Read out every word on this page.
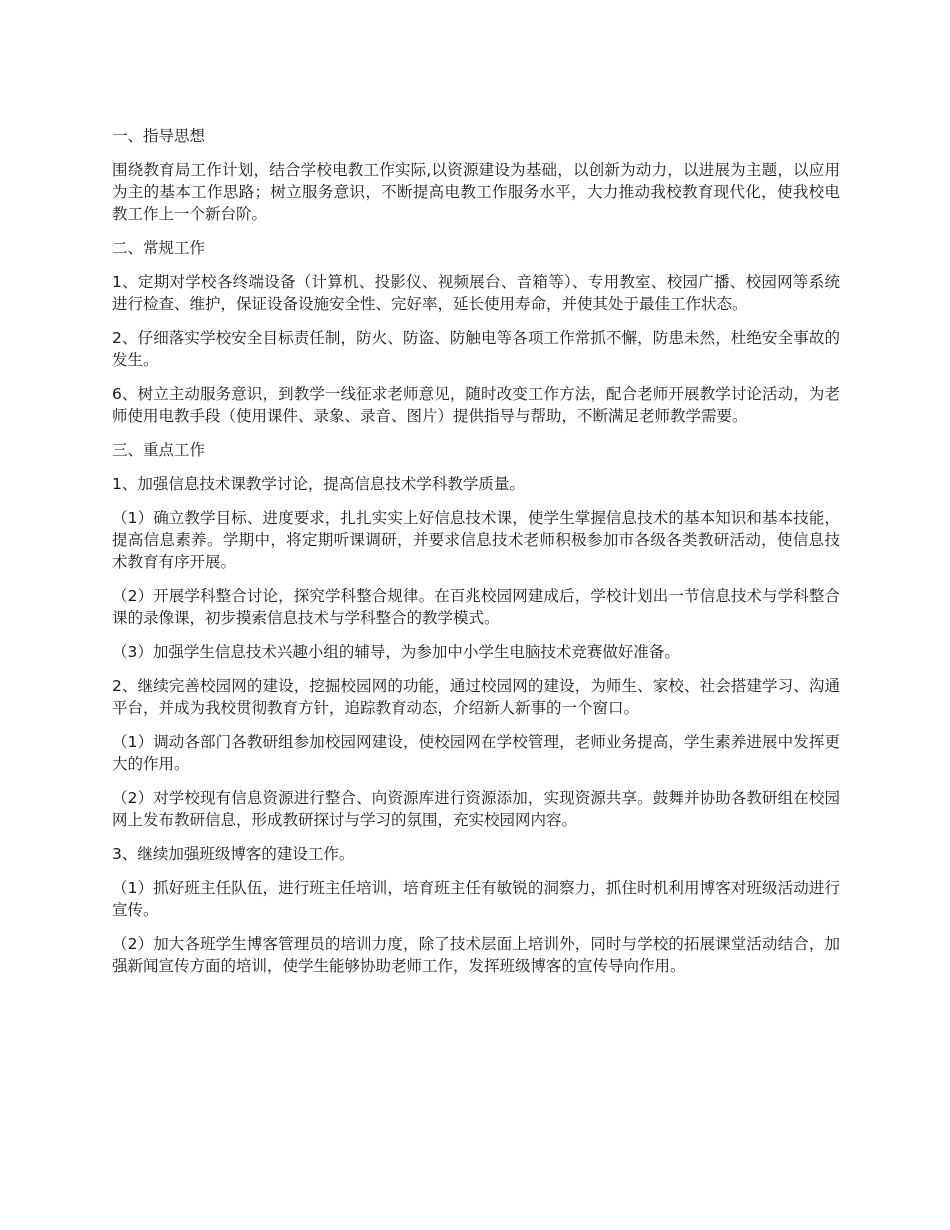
一、指导思想

围绕教育局工作计划，结合学校电教工作实际,以资源建设为基础，以创新为动力，以进展为主题，以应用为主的基本工作思路；树立服务意识，不断提高电教工作服务水平，大力推动我校教育现代化，使我校电教工作上一个新台阶。

二、常规工作

1、定期对学校各终端设备（计算机、投影仪、视频展台、音箱等）、专用教室、校园广播、校园网等系统进行检查、维护，保证设备设施安全性、完好率，延长使用寿命，并使其处于最佳工作状态。

2、仔细落实学校安全目标责任制，防火、防盗、防触电等各项工作常抓不懈，防患未然，杜绝安全事故的发生。

6、树立主动服务意识，到教学一线征求老师意见，随时改变工作方法，配合老师开展教学讨论活动，为老师使用电教手段（使用课件、录象、录音、图片）提供指导与帮助，不断满足老师教学需要。

三、重点工作

1、加强信息技术课教学讨论，提高信息技术学科教学质量。

（1）确立教学目标、进度要求，扎扎实实上好信息技术课，使学生掌握信息技术的基本知识和基本技能，提高信息素养。学期中，将定期听课调研，并要求信息技术老师积极参加市各级各类教研活动，使信息技术教育有序开展。

（2）开展学科整合讨论，探究学科整合规律。在百兆校园网建成后，学校计划出一节信息技术与学科整合课的录像课，初步摸索信息技术与学科整合的教学模式。

（3）加强学生信息技术兴趣小组的辅导，为参加中小学生电脑技术竞赛做好准备。

2、继续完善校园网的建设，挖掘校园网的功能，通过校园网的建设，为师生、家校、社会搭建学习、沟通平台，并成为我校贯彻教育方针，追踪教育动态，介绍新人新事的一个窗口。

（1）调动各部门各教研组参加校园网建设，使校园网在学校管理，老师业务提高，学生素养进展中发挥更大的作用。

（2）对学校现有信息资源进行整合、向资源库进行资源添加，实现资源共享。鼓舞并协助各教研组在校园网上发布教研信息，形成教研探讨与学习的氛围，充实校园网内容。

3、继续加强班级博客的建设工作。

（1）抓好班主任队伍，进行班主任培训，培育班主任有敏锐的洞察力，抓住时机利用博客对班级活动进行宣传。

（2）加大各班学生博客管理员的培训力度，除了技术层面上培训外，同时与学校的拓展课堂活动结合，加强新闻宣传方面的培训，使学生能够协助老师工作，发挥班级博客的宣传导向作用。
